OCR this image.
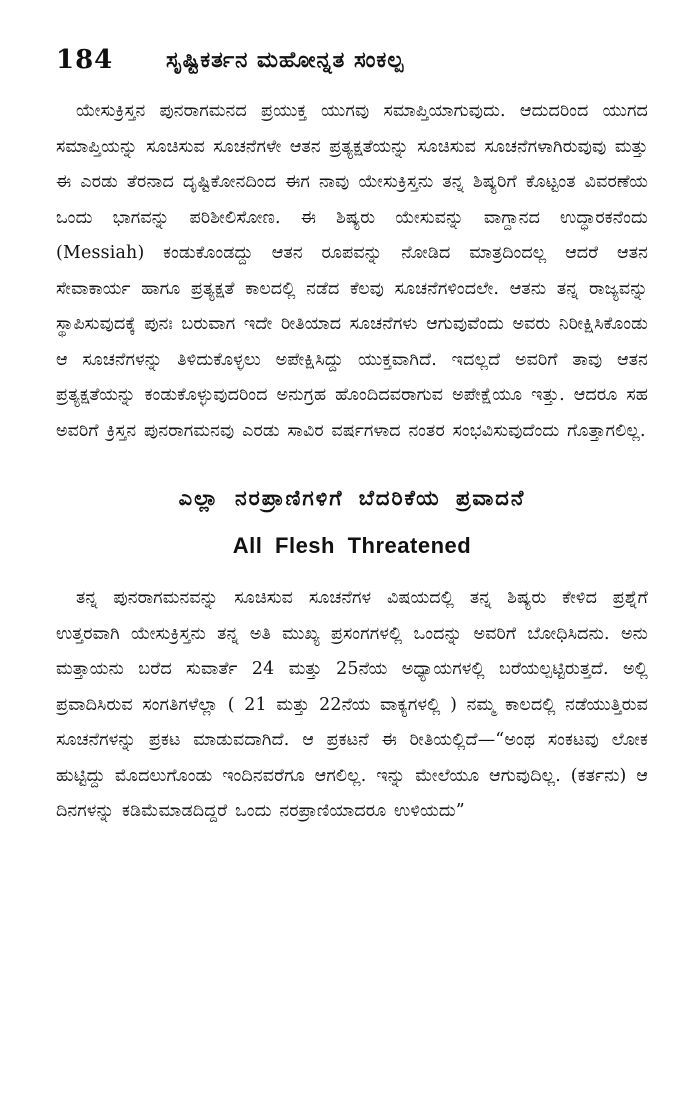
184	ಸೃಷ್ಟಿಕರ್ತನ ಮಹೋನ್ನತ ಸಂಕಲ್ಪ

ಯೇಸುಕ್ರಿಸ್ತನ ಪುನರಾಗಮನದ ಪ್ರಯುಕ್ತ ಯುಗವು ಸಮಾಪ್ತಿಯಾಗುವುದು. ಆದುದರಿಂದ ಯುಗದ ಸಮಾಪ್ತಿಯನ್ನು ಸೂಚಿಸುವ ಸೂಚನೆಗಳೇ ಆತನ ಪ್ರತ್ಯಕ್ಷತೆಯನ್ನು ಸೂಚಿಸುವ ಸೂಚನೆಗಳಾಗಿರುವುವು ಮತ್ತು ಈ ಎರಡು ತೆರನಾದ ದೃಷ್ಟಿಕೋನದಿಂದ ಈಗ ನಾವು ಯೇಸುಕ್ರಿಸ್ತನು ತನ್ನ ಶಿಷ್ಯರಿಗೆ ಕೊಟ್ಟಂತ ವಿವರಣೆಯ ಒಂದು ಭಾಗವನ್ನು ಪರಿಶೀಲಿಸೋಣ. ಈ ಶಿಷ್ಯರು ಯೇಸುವನ್ನು ವಾಗ್ದಾನದ ಉದ್ಧಾರಕನೆಂದು (Messiah) ಕಂಡುಕೊಂಡದ್ದು ಆತನ ರೂಪವನ್ನು ನೋಡಿದ ಮಾತ್ರದಿಂದಲ್ಲ ಆದರೆ ಆತನ ಸೇವಾಕಾರ್ಯ ಹಾಗೂ ಪ್ರತ್ಯಕ್ಷತೆ ಕಾಲದಲ್ಲಿ ನಡೆದ ಕೆಲವು ಸೂಚನೆಗಳಿಂದಲೇ. ಆತನು ತನ್ನ ರಾಜ್ಯವನ್ನು ಸ್ಥಾಪಿಸುವುದಕ್ಕೆ ಪುನಃ ಬರುವಾಗ ಇದೇ ರೀತಿಯಾದ ಸೂಚನೆಗಳು ಆಗುವುವೆಂದು ಅವರು ನಿರೀಕ್ಷಿಸಿಕೊಂಡು ಆ ಸೂಚನೆಗಳನ್ನು ತಿಳಿದುಕೊಳ್ಳಲು ಅಪೇಕ್ಷಿಸಿದ್ದು ಯುಕ್ತವಾಗಿದೆ. ಇದಲ್ಲದೆ ಅವರಿಗೆ ತಾವು ಆತನ ಪ್ರತ್ಯಕ್ಷತೆಯನ್ನು ಕಂಡುಕೊಳ್ಳುವುದರಿಂದ ಅನುಗ್ರಹ ಹೊಂದಿದವರಾಗುವ ಅಪೇಕ್ಷೆಯೂ ಇತ್ತು. ಆದರೂ ಸಹ ಅವರಿಗೆ ಕ್ರಿಸ್ತನ ಪುನರಾಗಮನವು ಎರಡು ಸಾವಿರ ವರ್ಷಗಳಾದ ನಂತರ ಸಂಭವಿಸುವುದೆಂದು ಗೊತ್ತಾಗಲಿಲ್ಲ.

ಎಲ್ಲಾ ನರಪ್ರಾಣಿಗಳಿಗೆ ಬೆದರಿಕೆಯ ಪ್ರವಾದನೆ
All Flesh Threatened

ತನ್ನ ಪುನರಾಗಮನವನ್ನು ಸೂಚಿಸುವ ಸೂಚನೆಗಳ ವಿಷಯದಲ್ಲಿ ತನ್ನ ಶಿಷ್ಯರು ಕೇಳಿದ ಪ್ರಶ್ನೆಗೆ ಉತ್ತರವಾಗಿ ಯೇಸುಕ್ರಿಸ್ತನು ತನ್ನ ಅತಿ ಮುಖ್ಯ ಪ್ರಸಂಗಗಳಲ್ಲಿ ಒಂದನ್ನು ಅವರಿಗೆ ಬೋಧಿಸಿದನು. ಅನು ಮತ್ತಾಯನು ಬರೆದ ಸುವಾರ್ತೆ 24 ಮತ್ತು 25ನೆಯ ಅಧ್ಯಾಯಗಳಲ್ಲಿ ಬರೆಯಲ್ಪಟ್ಟಿರುತ್ತದೆ. ಅಲ್ಲಿ ಪ್ರವಾದಿಸಿರುವ ಸಂಗತಿಗಳೆಲ್ಲಾ ( 21 ಮತ್ತು 22ನೆಯ ವಾಕ್ಯಗಳಲ್ಲಿ ) ನಮ್ಮ ಕಾಲದಲ್ಲಿ ನಡೆಯುತ್ತಿರುವ ಸೂಚನೆಗಳನ್ನು ಪ್ರಕಟ ಮಾಡುವದಾಗಿದೆ. ಆ ಪ್ರಕಟನೆ ಈ ರೀತಿಯಲ್ಲಿದೆ—“ಅಂಥ ಸಂಕಟವು ಲೋಕ ಹುಟ್ಟಿದ್ದು ಮೊದಲುಗೊಂಡು ಇಂದಿನವರೆಗೂ ಆಗಲಿಲ್ಲ. ಇನ್ನು ಮೇಲೆಯೂ ಆಗುವುದಿಲ್ಲ. (ಕರ್ತನು) ಆ ದಿನಗಳನ್ನು ಕಡಿಮೆಮಾಡದಿದ್ದರೆ ಒಂದು ನರಪ್ರಾಣಿಯಾದರೂ ಉಳಿಯದು”
